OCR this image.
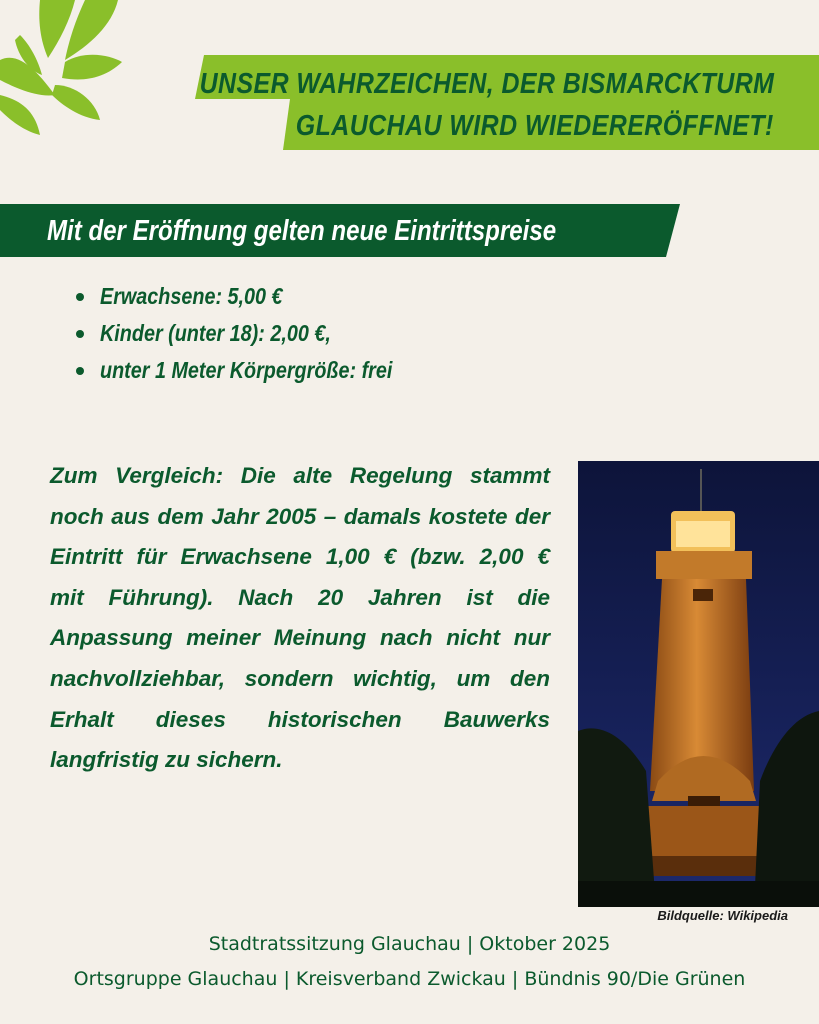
UNSER WAHRZEICHEN, DER BISMARCKTURM
GLAUCHAU WIRD WIEDERERÖFFNET!
Mit der Eröffnung gelten neue Eintrittspreise
Erwachsene: 5,00 €
Kinder (unter 18): 2,00 €,
unter 1 Meter Körpergröße: frei
Zum Vergleich: Die alte Regelung stammt
noch aus dem Jahr 2005 – damals kostete der
Eintritt für Erwachsene 1,00 € (bzw. 2,00 €
mit Führung). Nach 20 Jahren ist die
Anpassung meiner Meinung nach nicht nur
nachvollziehbar, sondern wichtig, um den
Erhalt dieses historischen Bauwerks
langfristig zu sichern.
Bildquelle: Wikipedia
Stadtratssitzung Glauchau | Oktober 2025
Ortsgruppe Glauchau | Kreisverband Zwickau | Bündnis 90/Die Grünen
